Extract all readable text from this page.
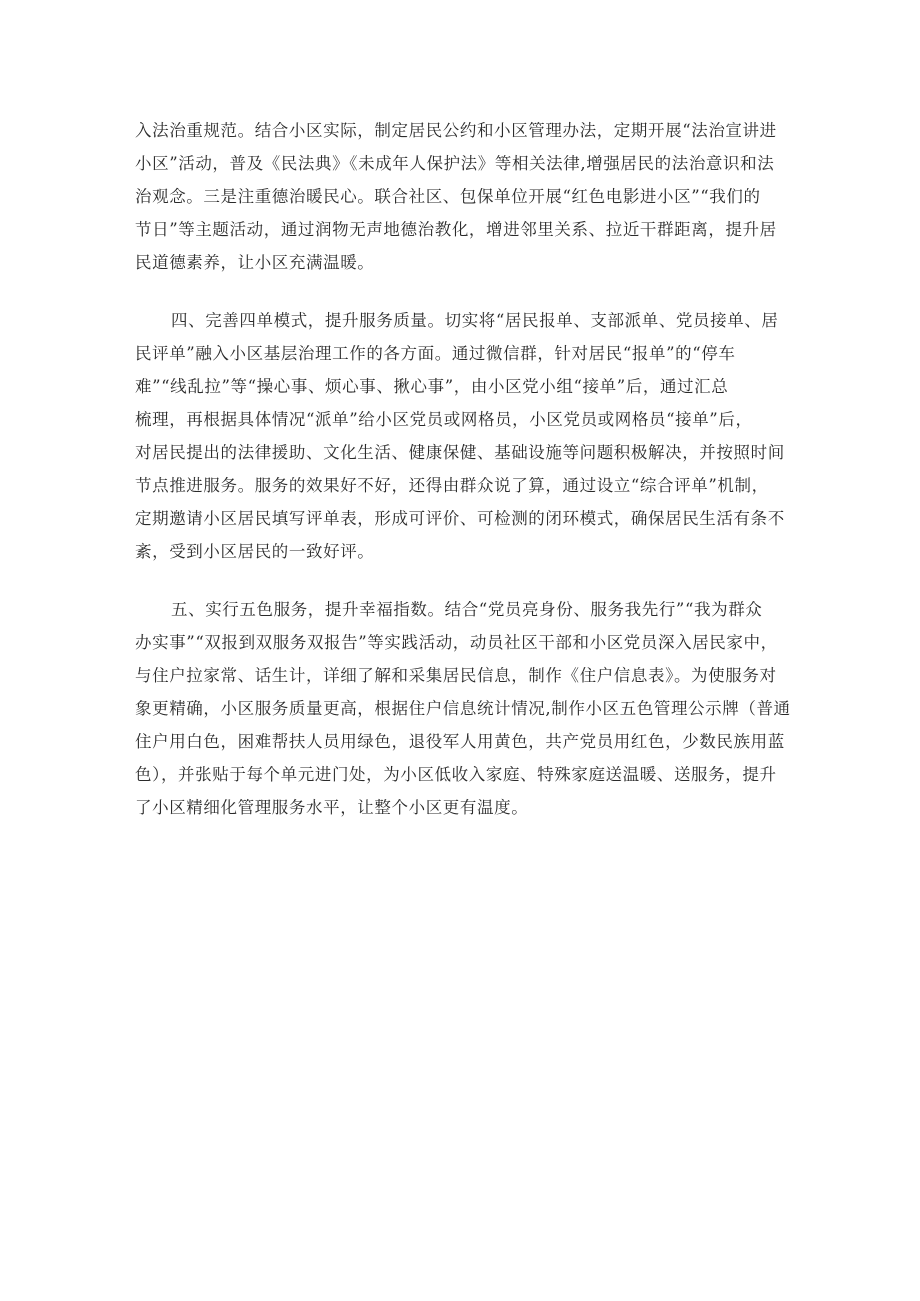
入法治重规范。结合小区实际，制定居民公约和小区管理办法，定期开展“法治宣讲进
小区”活动，普及《民法典》《未成年人保护法》等相关法律,增强居民的法治意识和法
治观念。三是注重德治暖民心。联合社区、包保单位开展“红色电影进小区”“我们的
节日”等主题活动，通过润物无声地德治教化，增进邻里关系、拉近干群距离，提升居
民道德素养，让小区充满温暖。

四、完善四单模式，提升服务质量。切实将“居民报单、支部派单、党员接单、居
民评单”融入小区基层治理工作的各方面。通过微信群，针对居民“报单”的“停车
难”“线乱拉”等“操心事、烦心事、揪心事”，由小区党小组“接单”后，通过汇总
梳理，再根据具体情况“派单”给小区党员或网格员，小区党员或网格员“接单”后，
对居民提出的法律援助、文化生活、健康保健、基础设施等问题积极解决，并按照时间
节点推进服务。服务的效果好不好，还得由群众说了算，通过设立“综合评单”机制，
定期邀请小区居民填写评单表，形成可评价、可检测的闭环模式，确保居民生活有条不
紊，受到小区居民的一致好评。

五、实行五色服务，提升幸福指数。结合“党员亮身份、服务我先行”“我为群众
办实事”“双报到双服务双报告”等实践活动，动员社区干部和小区党员深入居民家中，
与住户拉家常、话生计，详细了解和采集居民信息，制作《住户信息表》。为使服务对
象更精确，小区服务质量更高，根据住户信息统计情况,制作小区五色管理公示牌（普通
住户用白色，困难帮扶人员用绿色，退役军人用黄色，共产党员用红色，少数民族用蓝
色），并张贴于每个单元进门处，为小区低收入家庭、特殊家庭送温暖、送服务，提升
了小区精细化管理服务水平，让整个小区更有温度。
